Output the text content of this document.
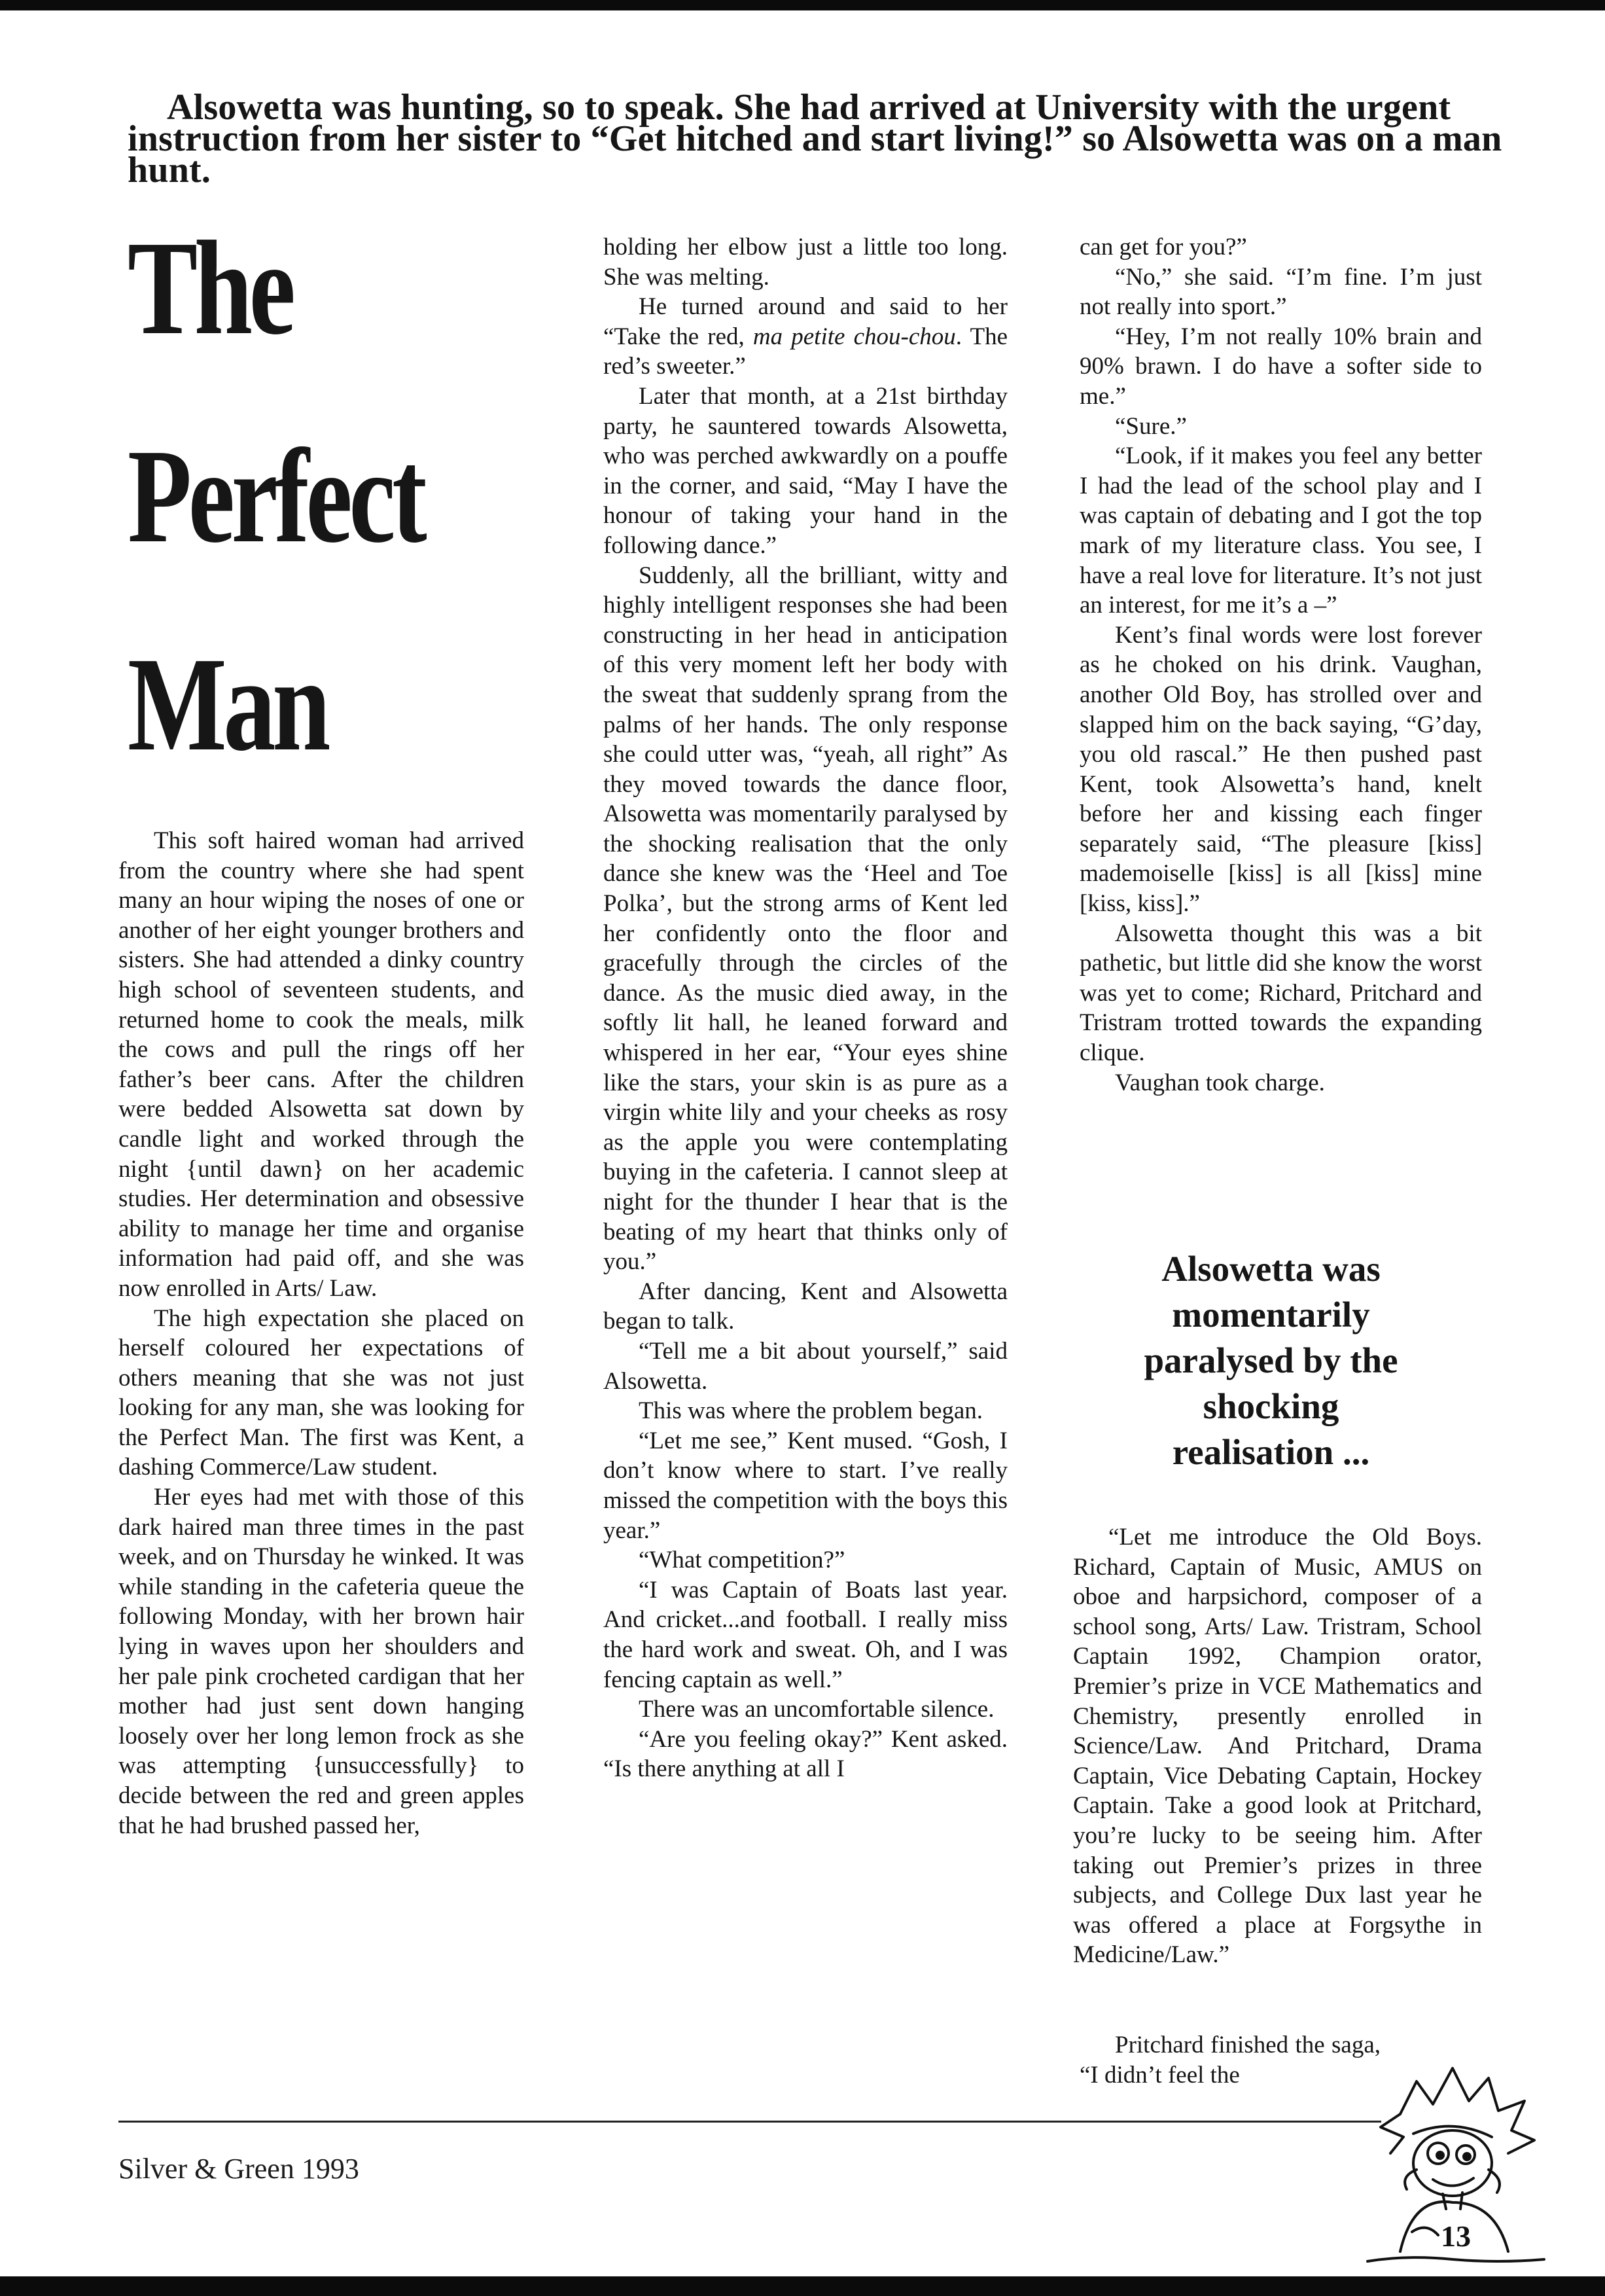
Alsowetta was hunting, so to speak. She had arrived at University with the urgent
instruction from her sister to “Get hitched and start living!” so Alsowetta was on a man hunt.
The
Perfect
Man

This soft haired woman had arrived from the country where she had spent many an hour wiping the noses of one or another of her eight younger brothers and sisters. She had attended a dinky country high school of seventeen students, and returned home to cook the meals, milk the cows and pull the rings off her father’s beer cans. After the children were bedded Alsowetta sat down by candle light and worked through the night {until dawn} on her academic studies. Her determination and obsessive ability to manage her time and organise information had paid off, and she was now enrolled in Arts/ Law.

The high expectation she placed on herself coloured her expectations of others meaning that she was not just looking for any man, she was looking for the Perfect Man. The first was Kent, a dashing Commerce/Law student.

Her eyes had met with those of this dark haired man three times in the past week, and on Thursday he winked. It was while standing in the cafeteria queue the following Monday, with her brown hair lying in waves upon her shoulders and her pale pink crocheted cardigan that her mother had just sent down hanging loosely over her long lemon frock as she was attempting {unsuccessfully} to decide between the red and green apples that he had brushed passed her,

holding her elbow just a little too long. She was melting.

He turned around and said to her “Take the red, ma petite chou-chou. The red’s sweeter.”

Later that month, at a 21st birthday party, he sauntered towards Alsowetta, who was perched awkwardly on a pouffe in the corner, and said, “May I have the honour of taking your hand in the following dance.”

Suddenly, all the brilliant, witty and highly intelligent responses she had been constructing in her head in anticipation of this very moment left her body with the sweat that suddenly sprang from the palms of her hands. The only response she could utter was, “yeah, all right” As they moved towards the dance floor, Alsowetta was momentarily paralysed by the shocking realisation that the only dance she knew was the ‘Heel and Toe Polka’, but the strong arms of Kent led her confidently onto the floor and gracefully through the circles of the dance. As the music died away, in the softly lit hall, he leaned forward and whispered in her ear, “Your eyes shine like the stars, your skin is as pure as a virgin white lily and your cheeks as rosy as the apple you were contemplating buying in the cafeteria. I cannot sleep at night for the thunder I hear that is the beating of my heart that thinks only of you.”

After dancing, Kent and Alsowetta began to talk.

“Tell me a bit about yourself,” said Alsowetta.

This was where the problem began.

“Let me see,” Kent mused. “Gosh, I don’t know where to start. I’ve really missed the competition with the boys this year.”

“What competition?”

“I was Captain of Boats last year. And cricket...and football. I really miss the hard work and sweat. Oh, and I was fencing captain as well.”

There was an uncomfortable silence.

“Are you feeling okay?” Kent asked. “Is there anything at all I

can get for you?”

“No,” she said. “I’m fine. I’m just not really into sport.”

“Hey, I’m not really 10% brain and 90% brawn. I do have a softer side to me.”

“Sure.”

“Look, if it makes you feel any better I had the lead of the school play and I was captain of debating and I got the top mark of my literature class. You see, I have a real love for literature. It’s not just an interest, for me it’s a –”

Kent’s final words were lost forever as he choked on his drink. Vaughan, another Old Boy, has strolled over and slapped him on the back saying, “G’day, you old rascal.” He then pushed past Kent, took Alsowetta’s hand, knelt before her and kissing each finger separately said, “The pleasure [kiss] mademoiselle [kiss] is all [kiss] mine [kiss, kiss].”

Alsowetta thought this was a bit pathetic, but little did she know the worst was yet to come; Richard, Pritchard and Tristram trotted towards the expanding clique.

Vaughan took charge.

Alsowetta was
momentarily
paralysed by the
shocking
realisation ...

“Let me introduce the Old Boys. Richard, Captain of Music, AMUS on oboe and harpsichord, composer of a school song, Arts/ Law. Tristram, School Captain 1992, Champion orator, Premier’s prize in VCE Mathematics and Chemistry, presently enrolled in Science/Law. And Pritchard, Drama Captain, Vice Debating Captain, Hockey Captain. Take a good look at Pritchard, you’re lucky to be seeing him. After taking out Premier’s prizes in three subjects, and College Dux last year he was offered a place at Forgsythe in Medicine/Law.”

Pritchard finished the saga, “I didn’t feel the

Silver & Green 1993
13
